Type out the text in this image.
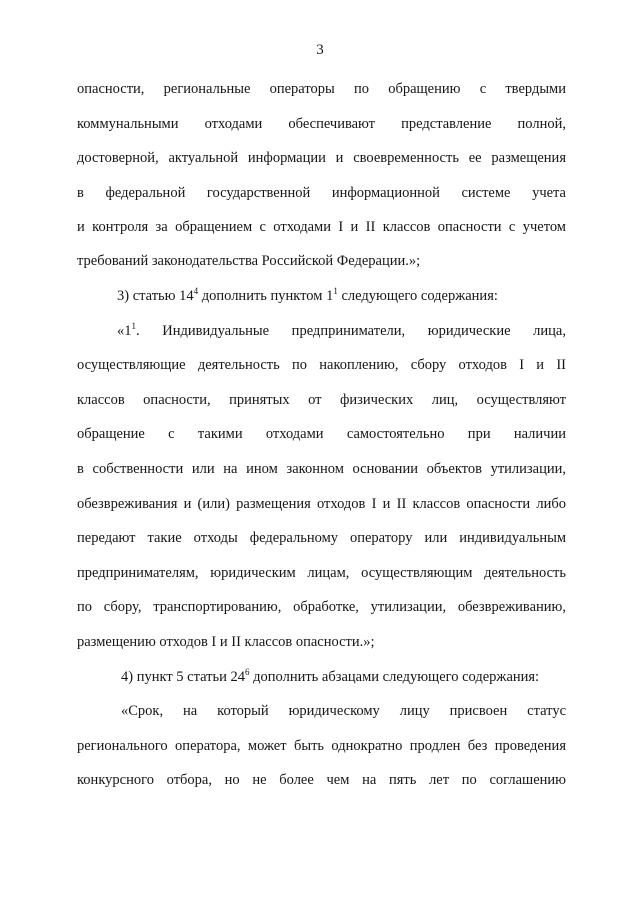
3
опасности, региональные операторы по обращению с твердыми
коммунальными отходами обеспечивают представление полной,
достоверной, актуальной информации и своевременность ее размещения
в федеральной государственной информационной системе учета
и контроля за обращением с отходами I и II классов опасности с учетом
требований законодательства Российской Федерации.»;
3) статью $14^4$ дополнить пунктом $1^1$ следующего содержания:
«$1^1$. Индивидуальные предприниматели, юридические лица,
осуществляющие деятельность по накоплению, сбору отходов I и II
классов опасности, принятых от физических лиц, осуществляют
обращение с такими отходами самостоятельно при наличии
в собственности или на ином законном основании объектов утилизации,
обезвреживания и (или) размещения отходов I и II классов опасности либо
передают такие отходы федеральному оператору или индивидуальным
предпринимателям, юридическим лицам, осуществляющим деятельность
по сбору, транспортированию, обработке, утилизации, обезвреживанию,
размещению отходов I и II классов опасности.»;
4) пункт 5 статьи $24^6$ дополнить абзацами следующего содержания:
«Срок, на который юридическому лицу присвоен статус
регионального оператора, может быть однократно продлен без проведения
конкурсного отбора, но не более чем на пять лет по соглашению
